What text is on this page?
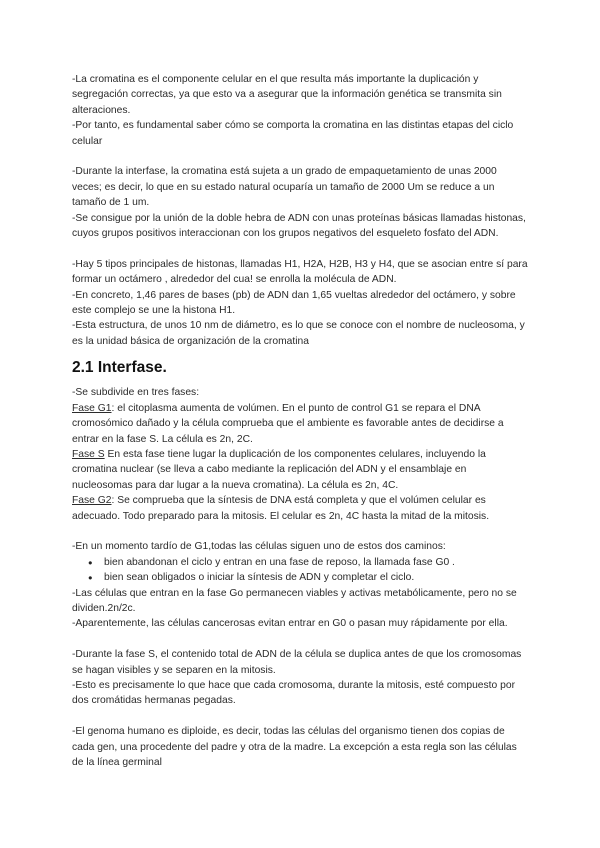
-La cromatina es el componente celular en el que resulta más importante la duplicación y segregación correctas, ya que esto va a asegurar que la información genética se transmita sin alteraciones.

-Por tanto, es fundamental saber cómo se comporta la cromatina en las distintas etapas del ciclo celular

-Durante la interfase, la cromatina está sujeta a un grado de empaquetamiento de unas 2000 veces; es decir, lo que en su estado natural ocuparía un tamaño de 2000 Um se reduce a un tamaño de 1 um.

-Se consigue por la unión de la doble hebra de ADN con unas proteínas básicas llamadas histonas, cuyos grupos positivos interaccionan con los grupos negativos del esqueleto fosfato del ADN.

-Hay 5 tipos principales de histonas, llamadas H1, H2A, H2B, H3 y H4, que se asocian entre sí para formar un octámero , alrededor del cua! se enrolla la molécula de ADN.

-En concreto, 1,46 pares de bases (pb) de ADN dan 1,65 vueltas alrededor del octámero, y sobre este complejo se une la histona H1.

-Esta estructura, de unos 10 nm de diámetro, es lo que se conoce con el nombre de nucleosoma, y es la unidad básica de organización de la cromatina

2.1 Interfase.

-Se subdivide en tres fases:

Fase G1: el citoplasma aumenta de volúmen. En el punto de control G1 se repara el DNA cromosómico dañado y la célula comprueba que el ambiente es favorable antes de decidirse a entrar en la fase S. La célula es 2n, 2C.

Fase S En esta fase tiene lugar la duplicación de los componentes celulares, incluyendo la cromatina nuclear (se lleva a cabo mediante la replicación del ADN y el ensamblaje en nucleosomas para dar lugar a la nueva cromatina). La célula es 2n, 4C.

Fase G2: Se comprueba que la síntesis de DNA está completa y que el volúmen celular es adecuado. Todo preparado para la mitosis. El celular es 2n, 4C hasta la mitad de la mitosis.

-En un momento tardío de G1,todas las células siguen uno de estos dos caminos:

● bien abandonan el ciclo y entran en una fase de reposo, la llamada fase G0 .
● bien sean obligados o iniciar la síntesis de ADN y completar el ciclo.

-Las células que entran en la fase Go permanecen viables y activas metabólicamente, pero no se dividen.2n/2c.

-Aparentemente, las células cancerosas evitan entrar en G0 o pasan muy rápidamente por ella.

-Durante la fase S, el contenido total de ADN de la célula se duplica antes de que los cromosomas se hagan visibles y se separen en la mitosis.

-Esto es precisamente lo que hace que cada cromosoma, durante la mitosis, esté compuesto por dos cromátidas hermanas pegadas.

-El genoma humano es diploide, es decir, todas las células del organismo tienen dos copias de cada gen, una procedente del padre y otra de la madre. La excepción a esta regla son las células de la línea germinal
